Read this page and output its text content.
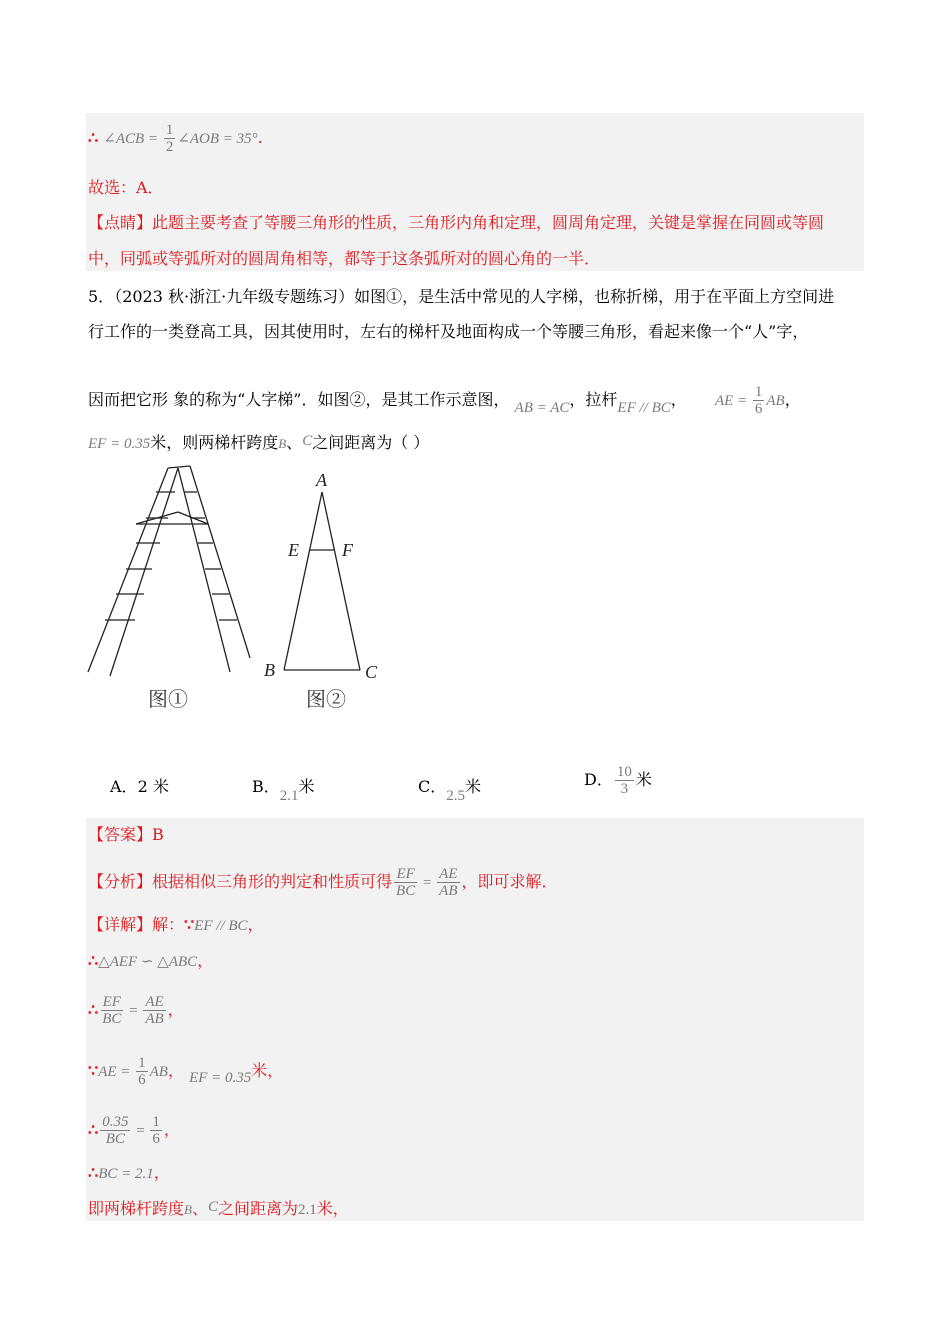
∴ ∠ACB = $\frac{1}{2}$ ∠AOB = 35°.
故选：A．
【点睛】此题主要考查了等腰三角形的性质，三角形内角和定理，圆周角定理，关键是掌握在同圆或等圆
中，同弧或等弧所对的圆周角相等，都等于这条弧所对的圆心角的一半．
5．（2023 秋·浙江·九年级专题练习）如图①，是生活中常见的人字梯，也称折梯，用于在平面上方空间进
行工作的一类登高工具，因其使用时，左右的梯杆及地面构成一个等腰三角形，看起来像一个“人”字，
因而把它形 象的称为“人字梯”．如图②，是其工作示意图， AB = AC，拉杆EF // BC， AE = $\frac{1}{6}$ AB，
EF = 0.35米，则两梯杆跨度B、C之间距离为（ ）
A
E F
B	C
图①	图②
A．2 米	B．2.1米	C．2.5米	D． $\frac{10}{3}$ 米
【答案】B
【分析】根据相似三角形的判定和性质可得 $\frac{EF}{BC} = \frac{AE}{AB}$ ，即可求解．
【详解】解：∵EF // BC，
∴△AEF ∽ △ABC，
∴ $\frac{EF}{BC} = \frac{AE}{AB}$ ，
∵AE = $\frac{1}{6}$ AB， EF = 0.35米，
∴ $\frac{0.35}{BC} = \frac{1}{6}$ ，
∴BC = 2.1，
即两梯杆跨度B、C之间距离为2.1米，
